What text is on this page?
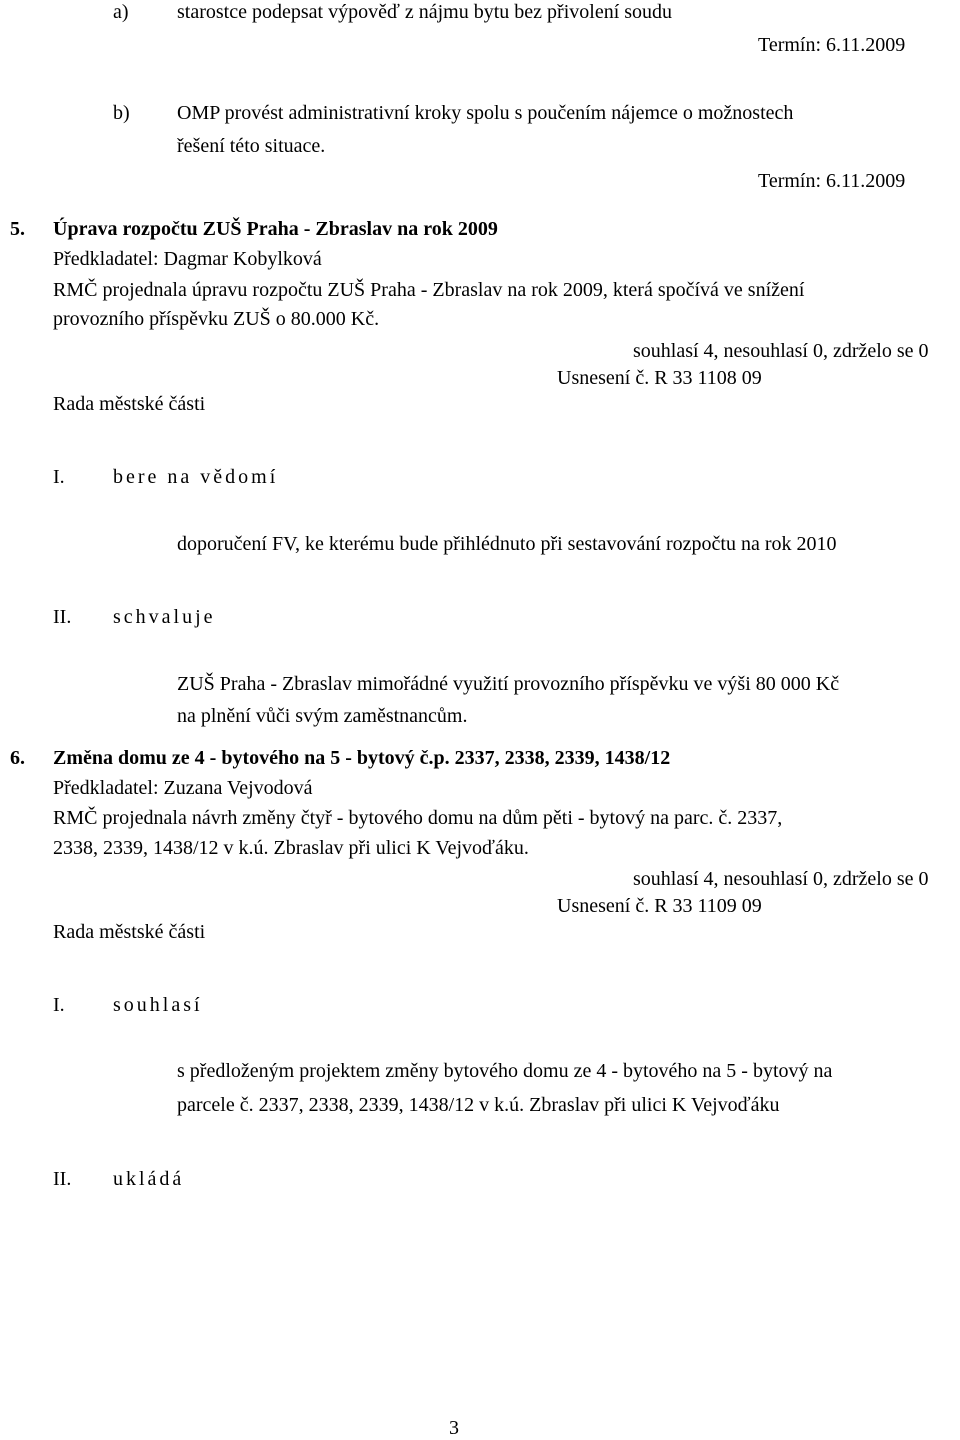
a) starostce podepsat výpověď z nájmu bytu bez přivolení soudu
Termín: 6.11.2009
b) OMP provést administrativní kroky spolu s poučením nájemce o možnostech
řešení této situace.
Termín: 6.11.2009
5. Úprava rozpočtu ZUŠ Praha - Zbraslav na rok 2009
Předkladatel: Dagmar Kobylková
RMČ projednala úpravu rozpočtu ZUŠ Praha - Zbraslav na rok 2009, která spočívá ve snížení
provozního příspěvku ZUŠ o 80.000 Kč.
souhlasí 4, nesouhlasí 0, zdrželo se 0
Usnesení č. R 33 1108 09
Rada městské části
I. bere na vědomí
doporučení FV, ke kterému bude přihlédnuto při sestavování rozpočtu na rok 2010
II. schvaluje
ZUŠ Praha - Zbraslav mimořádné využití provozního příspěvku ve výši 80 000 Kč
na plnění vůči svým zaměstnancům.
6. Změna domu ze 4 - bytového na 5 - bytový č.p. 2337, 2338, 2339, 1438/12
Předkladatel: Zuzana Vejvodová
RMČ projednala návrh změny čtyř - bytového domu na dům pěti - bytový na parc. č. 2337,
2338, 2339, 1438/12 v k.ú. Zbraslav při ulici K Vejvoďáku.
souhlasí 4, nesouhlasí 0, zdrželo se 0
Usnesení č. R 33 1109 09
Rada městské části
I. souhlasí
s předloženým projektem změny bytového domu ze 4 - bytového na 5 - bytový na
parcele č. 2337, 2338, 2339, 1438/12 v k.ú. Zbraslav při ulici K Vejvoďáku
II. ukládá
3
